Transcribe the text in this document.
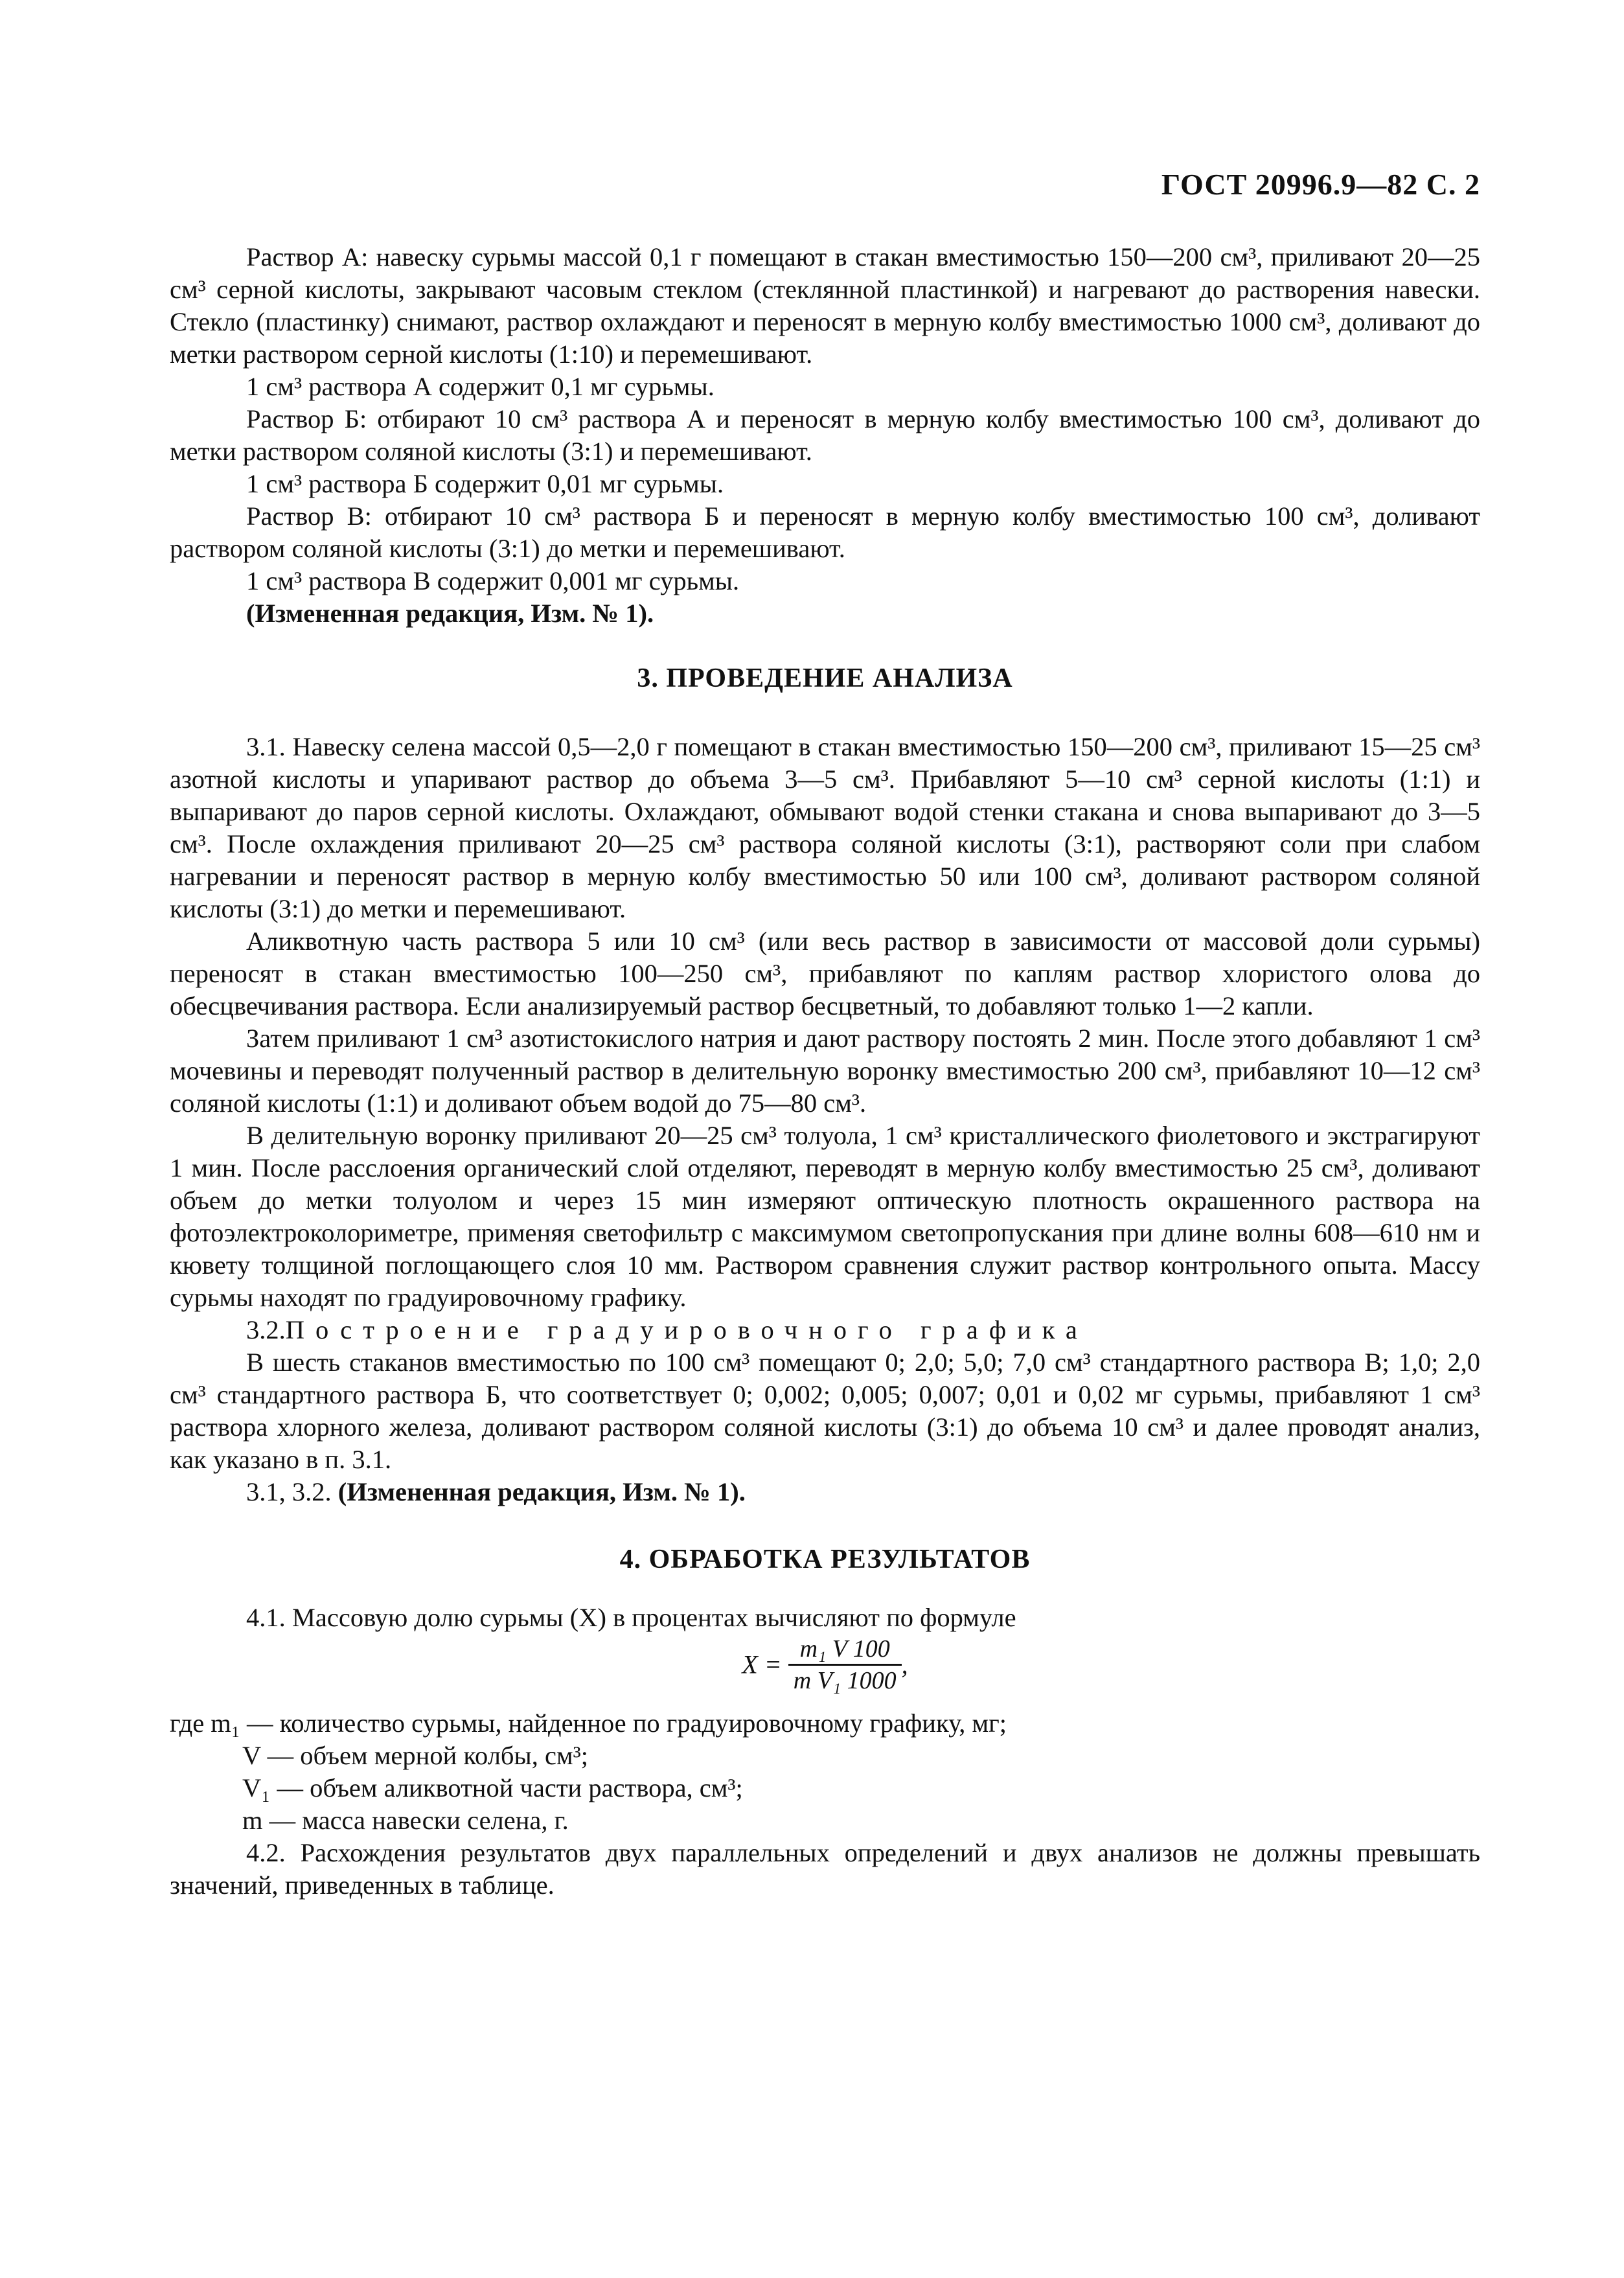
ГОСТ 20996.9—82 С. 2

Раствор А: навеску сурьмы массой 0,1 г помещают в стакан вместимостью 150—200 см³, приливают 20—25 см³ серной кислоты, закрывают часовым стеклом (стеклянной пластинкой) и нагревают до растворения навески. Стекло (пластинку) снимают, раствор охлаждают и переносят в мерную колбу вместимостью 1000 см³, доливают до метки раствором серной кислоты (1:10) и перемешивают.

1 см³ раствора А содержит 0,1 мг сурьмы.

Раствор Б: отбирают 10 см³ раствора А и переносят в мерную колбу вместимостью 100 см³, доливают до метки раствором соляной кислоты (3:1) и перемешивают.

1 см³ раствора Б содержит 0,01 мг сурьмы.

Раствор В: отбирают 10 см³ раствора Б и переносят в мерную колбу вместимостью 100 см³, доливают раствором соляной кислоты (3:1) до метки и перемешивают.

1 см³ раствора В содержит 0,001 мг сурьмы.

(Измененная редакция, Изм. № 1).

3. ПРОВЕДЕНИЕ АНАЛИЗА

3.1. Навеску селена массой 0,5—2,0 г помещают в стакан вместимостью 150—200 см³, приливают 15—25 см³ азотной кислоты и упаривают раствор до объема 3—5 см³. Прибавляют 5—10 см³ серной кислоты (1:1) и выпаривают до паров серной кислоты. Охлаждают, обмывают водой стенки стакана и снова выпаривают до 3—5 см³. После охлаждения приливают 20—25 см³ раствора соляной кислоты (3:1), растворяют соли при слабом нагревании и переносят раствор в мерную колбу вместимостью 50 или 100 см³, доливают раствором соляной кислоты (3:1) до метки и перемешивают.

Аликвотную часть раствора 5 или 10 см³ (или весь раствор в зависимости от массовой доли сурьмы) переносят в стакан вместимостью 100—250 см³, прибавляют по каплям раствор хлористого олова до обесцвечивания раствора. Если анализируемый раствор бесцветный, то добавляют только 1—2 капли.

Затем приливают 1 см³ азотистокислого натрия и дают раствору постоять 2 мин. После этого добавляют 1 см³ мочевины и переводят полученный раствор в делительную воронку вместимостью 200 см³, прибавляют 10—12 см³ соляной кислоты (1:1) и доливают объем водой до 75—80 см³.

В делительную воронку приливают 20—25 см³ толуола, 1 см³ кристаллического фиолетового и экстрагируют 1 мин. После расслоения органический слой отделяют, переводят в мерную колбу вместимостью 25 см³, доливают объем до метки толуолом и через 15 мин измеряют оптическую плотность окрашенного раствора на фотоэлектроколориметре, применяя светофильтр с максимумом светопропускания при длине волны 608—610 нм и кювету толщиной поглощающего слоя 10 мм. Раствором сравнения служит раствор контрольного опыта. Массу сурьмы находят по градуировочному графику.

3.2.Построение градуировочного графика

В шесть стаканов вместимостью по 100 см³ помещают 0; 2,0; 5,0; 7,0 см³ стандартного раствора В; 1,0; 2,0 см³ стандартного раствора Б, что соответствует 0; 0,002; 0,005; 0,007; 0,01 и 0,02 мг сурьмы, прибавляют 1 см³ раствора хлорного железа, доливают раствором соляной кислоты (3:1) до объема 10 см³ и далее проводят анализ, как указано в п. 3.1.

3.1, 3.2. (Измененная редакция, Изм. № 1).

4. ОБРАБОТКА РЕЗУЛЬТАТОВ

4.1. Массовую долю сурьмы (X) в процентах вычисляют по формуле

$X = \frac{\text{m₁ V 100}}{\text{m V₁ 1000}}$ ,
где m₁ — количество сурьмы, найденное по градуировочному графику, мг;
V — объем мерной колбы, см³;
V₁ — объем аликвотной части раствора, см³;
m — масса навески селена, г.

4.2. Расхождения результатов двух параллельных определений и двух анализов не должны превышать значений, приведенных в таблице.
